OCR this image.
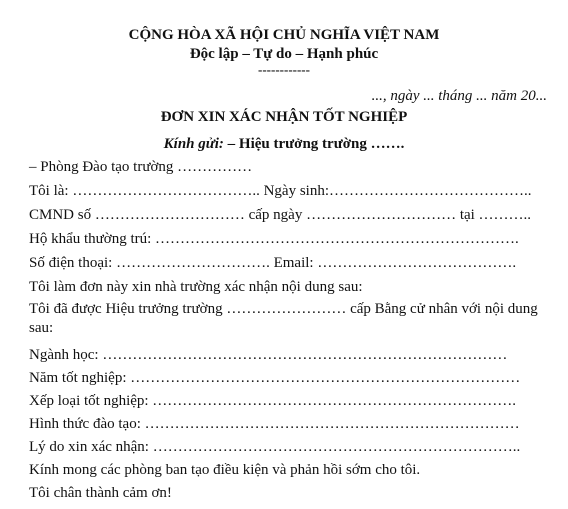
CỘNG HÒA XÃ HỘI CHỦ NGHĨA VIỆT NAM
Độc lập – Tự do – Hạnh phúc
------------
..., ngày ... tháng ... năm 20...
ĐƠN XIN XÁC NHẬN TỐT NGHIỆP
Kính gửi: – Hiệu trưởng trường …….
– Phòng Đào tạo trường ……………
Tôi là: ……………………………….. Ngày sinh:…………………………………..
CMND số ………………………… cấp ngày ………………………… tại ………..
Hộ khẩu thường trú: ……………………………………………………………….
Số điện thoại: …………………………. Email: ………………………………….
Tôi làm đơn này xin nhà trường xác nhận nội dung sau:
Tôi đã được Hiệu trưởng trường …………………… cấp Bằng cử nhân với nội dung
sau:
Ngành học: ………………………………………………………………………
Năm tốt nghiệp: ……………………………………………………………………
Xếp loại tốt nghiệp: ……………………………………………………………….
Hình thức đào tạo: …………………………………………………………………
Lý do xin xác nhận: ………………………………………………………………..
Kính mong các phòng ban tạo điều kiện và phản hồi sớm cho tôi.
Tôi chân thành cảm ơn!
